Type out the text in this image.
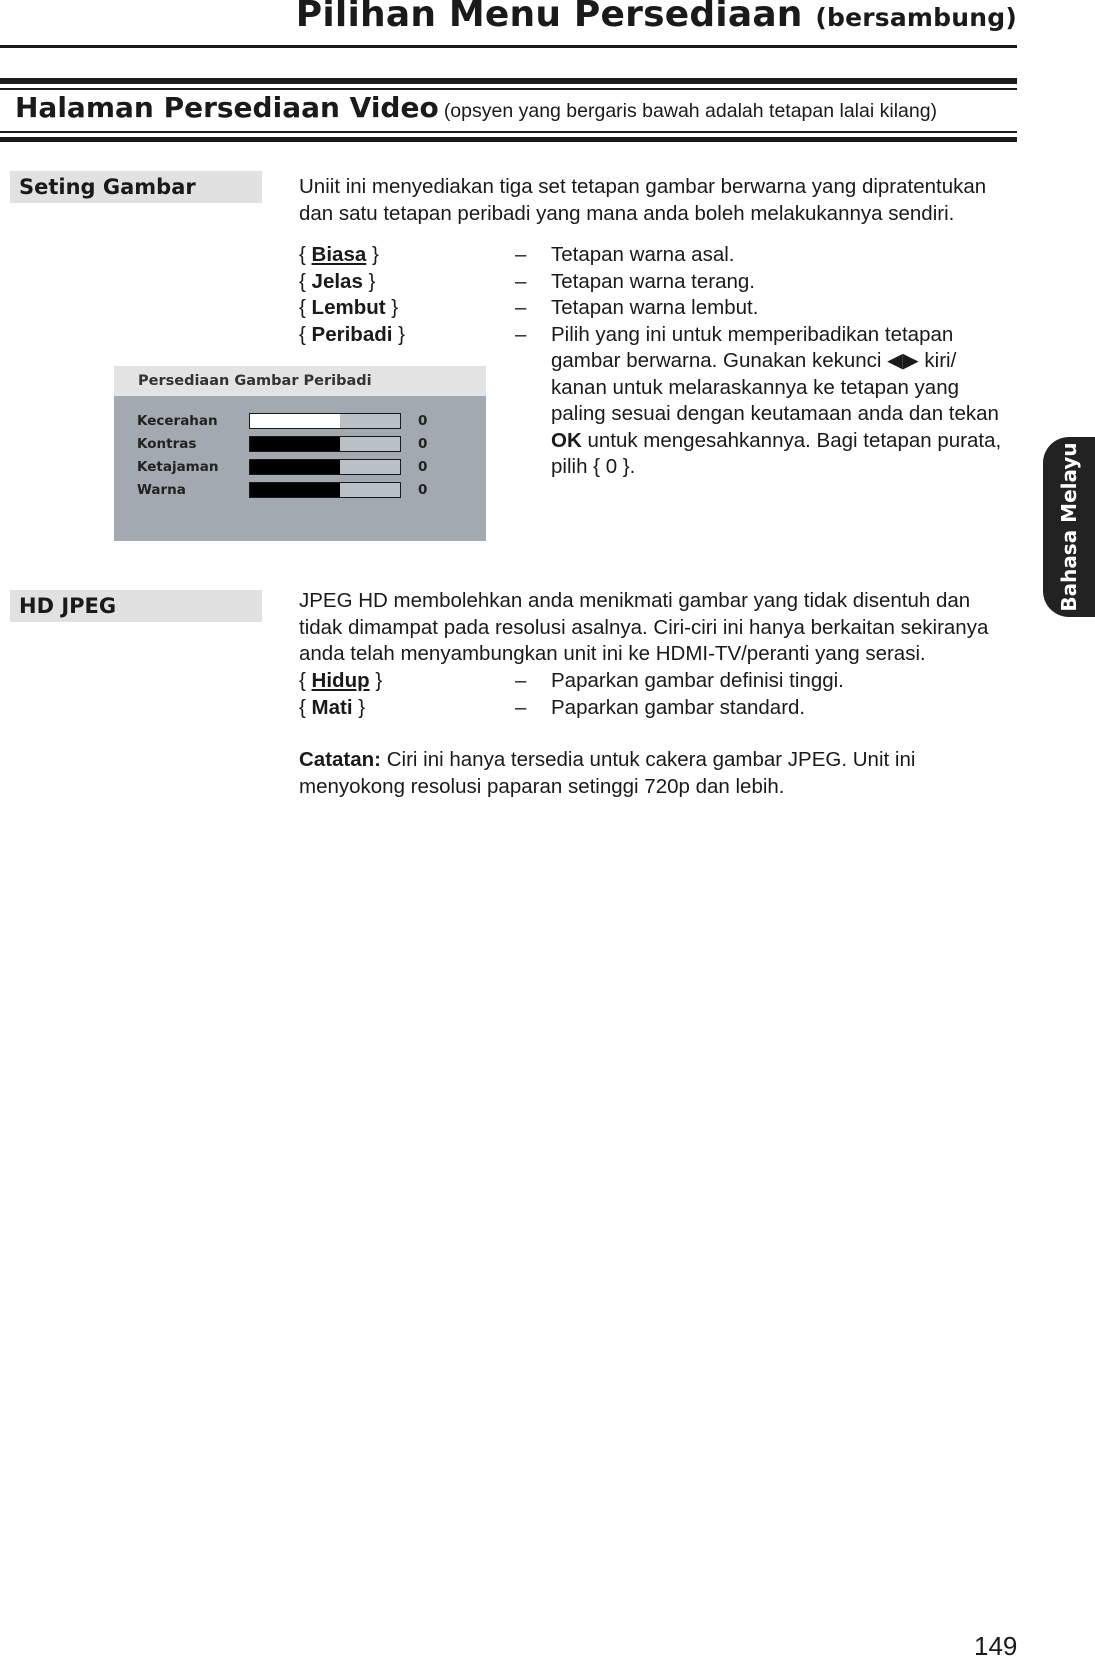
Pilihan Menu Persediaan (bersambung)
Halaman Persediaan Video (opsyen yang bergaris bawah adalah tetapan lalai kilang)
Seting Gambar	Uniit ini menyediakan tiga set tetapan gambar berwarna yang dipratentukan dan satu tetapan peribadi yang mana anda boleh melakukannya sendiri.
{ Biasa }	– Tetapan warna asal.
{ Jelas }	– Tetapan warna terang.
{ Lembut }	– Tetapan warna lembut.
{ Peribadi }	– Pilih yang ini untuk memperibadikan tetapan gambar berwarna. Gunakan kekunci ◀▶ kiri/ kanan untuk melaraskannya ke tetapan yang paling sesuai dengan keutamaan anda dan tekan OK untuk mengesahkannya. Bagi tetapan purata, pilih { 0 }.
Persediaan Gambar Peribadi
Kecerahan	0
Kontras	0
Ketajaman	0
Warna	0
HD JPEG	JPEG HD membolehkan anda menikmati gambar yang tidak disentuh dan tidak dimampat pada resolusi asalnya. Ciri-ciri ini hanya berkaitan sekiranya anda telah menyambungkan unit ini ke HDMI-TV/peranti yang serasi.
{ Hidup }	– Paparkan gambar definisi tinggi.
{ Mati }	– Paparkan gambar standard.
Catatan: Ciri ini hanya tersedia untuk cakera gambar JPEG. Unit ini menyokong resolusi paparan setinggi 720p dan lebih.
Bahasa Melayu
149
